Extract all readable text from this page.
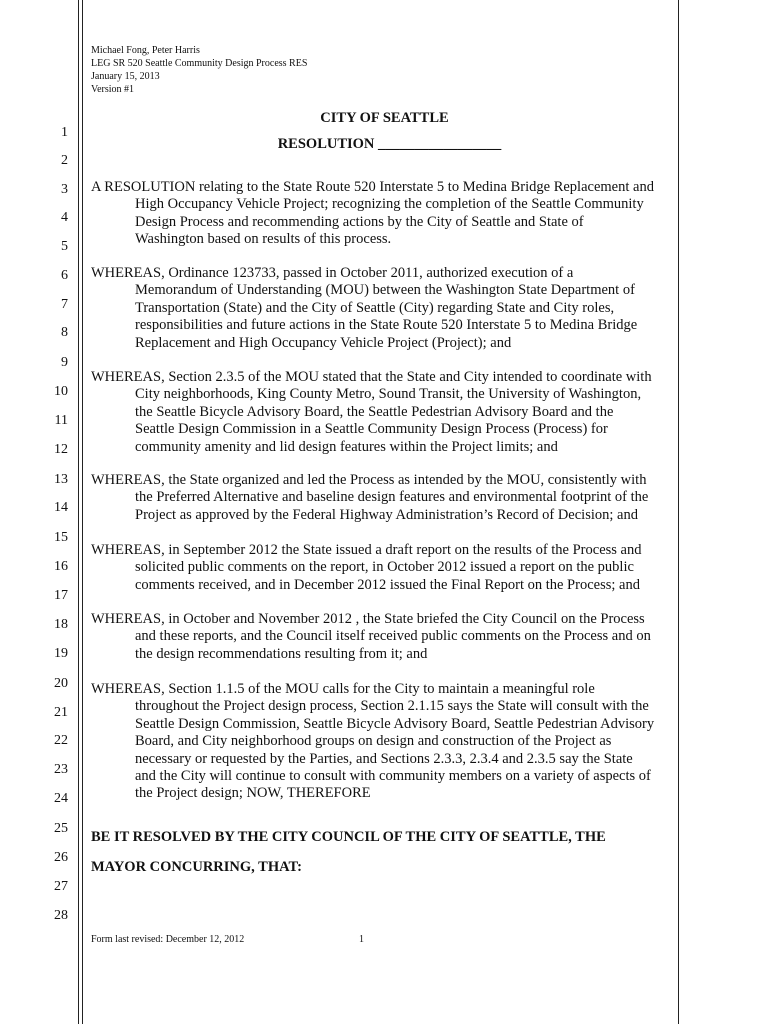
Michael Fong, Peter Harris
LEG SR 520 Seattle Community Design Process RES
January 15, 2013
Version #1
1
2
3
4
5
6
7
8
9
10
11
12
13
14
15
16
17
18
19
20
21
22
23
24
25
26
27
28
CITY OF SEATTLE
RESOLUTION _________________
A RESOLUTION relating to the State Route 520 Interstate 5 to Medina Bridge Replacement and
High Occupancy Vehicle Project; recognizing the completion of the Seattle Community
Design Process and recommending actions by the City of Seattle and State of
Washington based on results of this process.
WHEREAS, Ordinance 123733, passed in October 2011, authorized execution of a
Memorandum of Understanding (MOU) between the Washington State Department of
Transportation (State) and the City of Seattle (City) regarding State and City roles,
responsibilities and future actions in the State Route 520 Interstate 5 to Medina Bridge
Replacement and High Occupancy Vehicle Project (Project); and
WHEREAS, Section 2.3.5 of the MOU stated that the State and City intended to coordinate with
City neighborhoods, King County Metro, Sound Transit, the University of Washington,
the Seattle Bicycle Advisory Board, the Seattle Pedestrian Advisory Board and the
Seattle Design Commission in a Seattle Community Design Process (Process) for
community amenity and lid design features within the Project limits; and
WHEREAS, the State organized and led the Process as intended by the MOU, consistently with
the Preferred Alternative and baseline design features and environmental footprint of the
Project as approved by the Federal Highway Administration’s Record of Decision; and
WHEREAS, in September 2012 the State issued a draft report on the results of the Process and
solicited public comments on the report, in October 2012 issued a report on the public
comments received, and in December 2012 issued the Final Report on the Process; and
WHEREAS, in October and November 2012 , the State briefed the City Council on the Process
and these reports, and the Council itself received public comments on the Process and on
the design recommendations resulting from it; and
WHEREAS, Section 1.1.5 of the MOU calls for the City to maintain a meaningful role
throughout the Project design process, Section 2.1.15 says the State will consult with the
Seattle Design Commission, Seattle Bicycle Advisory Board, Seattle Pedestrian Advisory
Board, and City neighborhood groups on design and construction of the Project as
necessary or requested by the Parties, and Sections 2.3.3, 2.3.4 and 2.3.5 say the State
and the City will continue to consult with community members on a variety of aspects of
the Project design; NOW, THEREFORE
BE IT RESOLVED BY THE CITY COUNCIL OF THE CITY OF SEATTLE, THE
MAYOR CONCURRING, THAT:
Form last revised: December 12, 2012	1
